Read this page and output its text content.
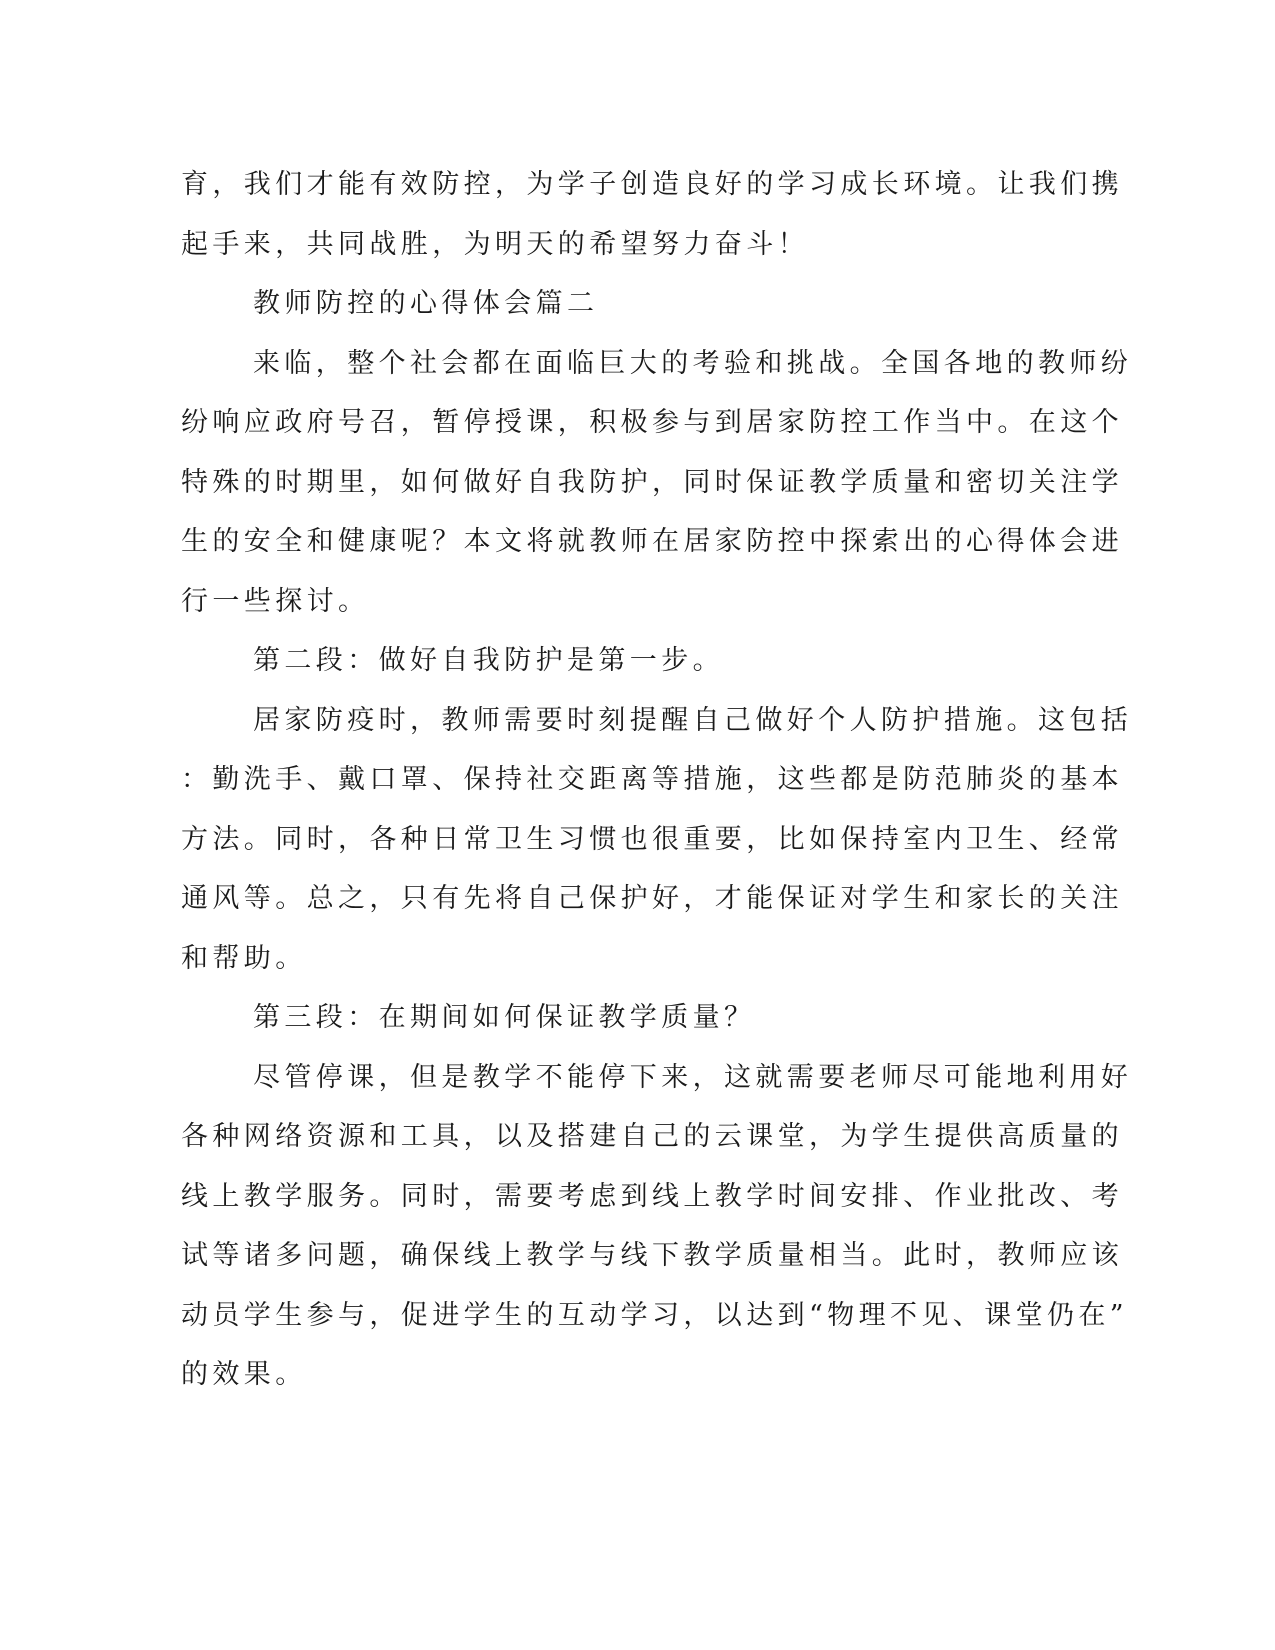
育，我们才能有效防控，为学子创造良好的学习成长环境。让我们携
起手来，共同战胜，为明天的希望努力奋斗！
教师防控的心得体会篇二
来临，整个社会都在面临巨大的考验和挑战。全国各地的教师纷
纷响应政府号召，暂停授课，积极参与到居家防控工作当中。在这个
特殊的时期里，如何做好自我防护，同时保证教学质量和密切关注学
生的安全和健康呢？本文将就教师在居家防控中探索出的心得体会进
行一些探讨。
第二段：做好自我防护是第一步。
居家防疫时，教师需要时刻提醒自己做好个人防护措施。这包括
：勤洗手、戴口罩、保持社交距离等措施，这些都是防范肺炎的基本
方法。同时，各种日常卫生习惯也很重要，比如保持室内卫生、经常
通风等。总之，只有先将自己保护好，才能保证对学生和家长的关注
和帮助。
第三段：在期间如何保证教学质量？
尽管停课，但是教学不能停下来，这就需要老师尽可能地利用好
各种网络资源和工具，以及搭建自己的云课堂，为学生提供高质量的
线上教学服务。同时，需要考虑到线上教学时间安排、作业批改、考
试等诸多问题，确保线上教学与线下教学质量相当。此时，教师应该
动员学生参与，促进学生的互动学习，以达到“物理不见、课堂仍在”
的效果。
